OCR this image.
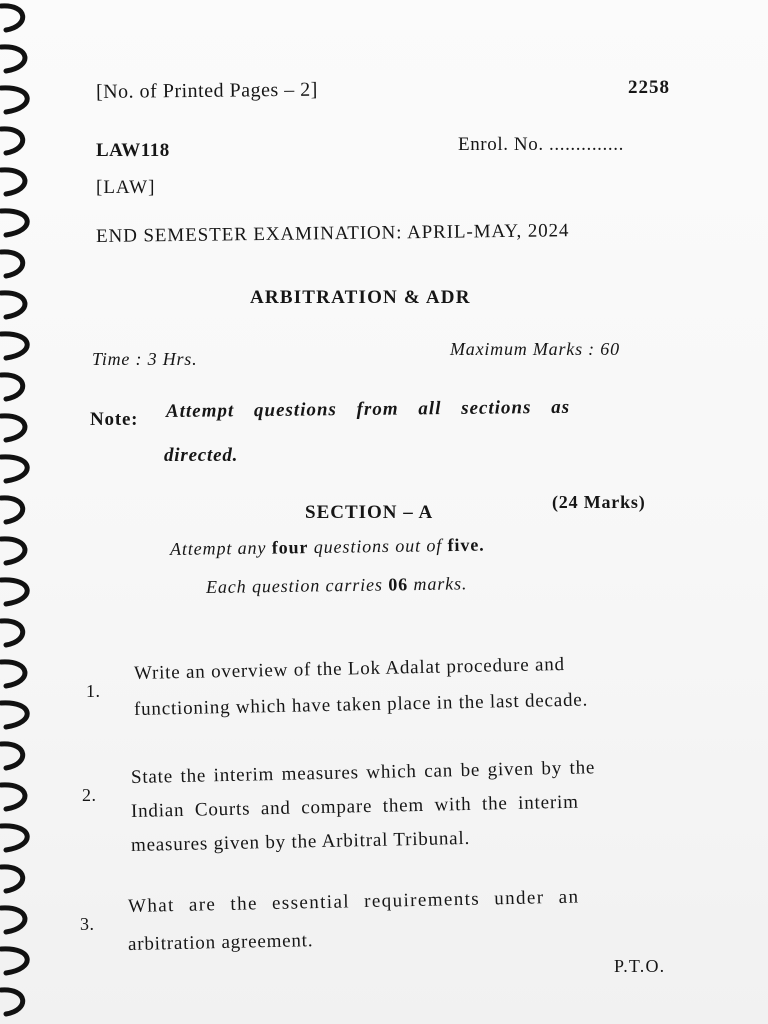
[No. of Printed Pages – 2]	2258
LAW118	Enrol. No. ..............
[LAW]
END SEMESTER EXAMINATION: APRIL-MAY, 2024
ARBITRATION & ADR
Time : 3 Hrs.	Maximum Marks : 60
Note: Attempt questions from all sections as
directed.
SECTION – A	(24 Marks)
Attempt any four questions out of five.
Each question carries 06 marks.
1.
Write an overview of the Lok Adalat procedure and
functioning which have taken place in the last decade.
2.
State the interim measures which can be given by the
Indian Courts and compare them with the interim
measures given by the Arbitral Tribunal.
3.
What are the essential requirements under an
arbitration agreement.
P.T.O.
